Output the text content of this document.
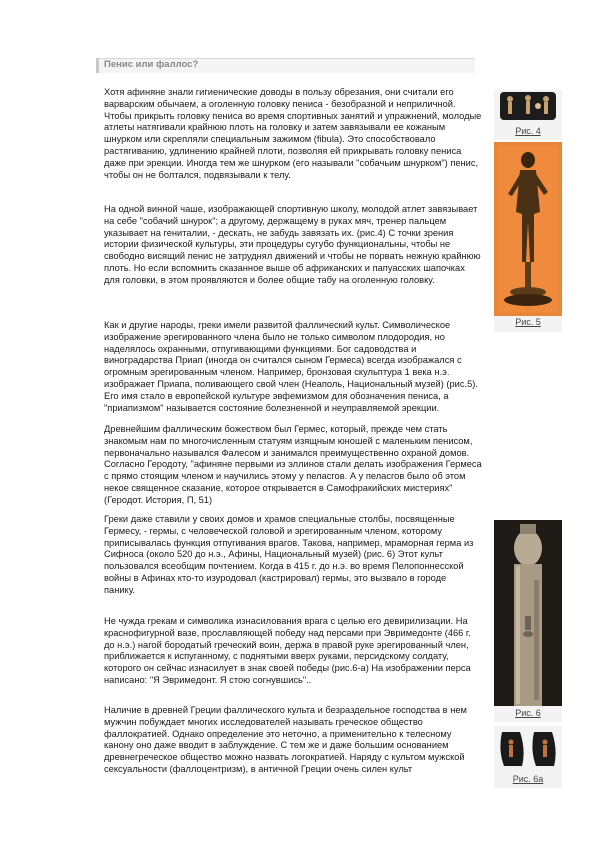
Пенис или фаллос?

Хотя афиняне знали гигиенические доводы в пользу обрезания, они считали его варварским обычаем, а оголенную головку пениса - безобразной и неприличной. Чтобы прикрыть головку пениса во время спортивных занятий и упражнений, молодые атлеты натягивали крайнюю плоть на головку и затем завязывали ее кожаным шнурком или скрепляли специальным зажимом (fibula). Это способствовало растягиванию, удлинению крайней плоти, позволяя ей прикрывать головку пениса даже при эрекции. Иногда тем же шнурком (его называли "собачьим шнурком") пенис, чтобы он не болтался, подвязывали к телу.

На одной винной чаше, изображающей спортивную школу, молодой атлет завязывает на себе "собачий шнурок"; а другому, держащему в руках мяч, тренер пальцем указывает на гениталии, - дескать, не забудь завязать их. (рис.4) С точки зрения истории физической культуры, эти процедуры сугубо функциональны, чтобы не свободно висящий пенис не затруднял движений и чтобы не порвать нежную крайнюю плоть. Но если вспомнить сказанное выше об африканских и папуасских шапочках для головки, в этом проявляются и более общие табу на оголенную головку.

Как и другие народы, греки имели развитой фаллический культ. Символическое изображение эрегированного члена было не только символом плодородия, но наделялось охранными, отпугивающими функциями. Бог садоводства и виноградарства Приап (иногда он считался сыном Гермеса) всегда изображался с огромным эрегированным членом. Например, бронзовая скульптура 1 века н.э. изображает Приапа, поливающего свой член (Неаполь, Национальный музей) (рис.5). Его имя стало в европейской культуре эвфемизмом для обозначения пениса, а "приапизмом" называется состояние болезненной и неуправляемой эрекции.

Древнейшим фаллическим божеством был Гермес, который, прежде чем стать знакомым нам по многочисленным статуям изящным юношей с маленьким пенисом, первоначально назывался Фалесом и занимался преимущественно охраной домов. Согласно Геродоту, "афиняне первыми из эллинов стали делать изображения Гермеса с прямо стоящим членом и научились этому у пеласгов. А у пеласгов было об этом некое священное сказание, которое открывается в Самофракийских мистериях" (Геродот. История, П, 51)

Греки даже ставили у своих домов и храмов специальные столбы, посвященные Гермесу, - гермы, с человеческой головой и эрегированным членом, которому приписывалась функция отпугивания врагов. Такова, например, мраморная герма из Сифноса (около 520 до н.э., Афины, Национальный музей) (рис. 6) Этот культ пользовался всеобщим почтением. Когда в 415 г. до н.э. во время Пелопоннесской войны в Афинах кто-то изуродовал (кастрировал) гермы, это вызвало в городе панику.

Не чужда грекам и символика изнасилования врага с целью его девирилизации. На краснофигурной вазе, прославляющей победу над персами при Эвримедонте (466 г. до н.э.) нагой бородатый греческий воин, держа в правой руке эрегированный член, приближается к испуганному, с поднятыми вверх руками, персидскому солдату, которого он сейчас изнасилует в знак своей победы (рис.6-а) На изображении перса написано: "Я Эвримедонт. Я стою согнувшись"..

Наличие в древней Греции фаллического культа и безраздельное господства в нем мужчин побуждает многих исследователей называть греческое общество фаллократией. Однако определение это неточно, а применительно к телесному канону оно даже вводит в заблуждение. С тем же и даже большим основанием древнегреческое общество можно назвать логократией. Наряду с культом мужской сексуальности (фаллоцентризм), в античной Греции очень силен культ

Рис. 4
Рис. 5
Рис. 6
Рис. 6а
